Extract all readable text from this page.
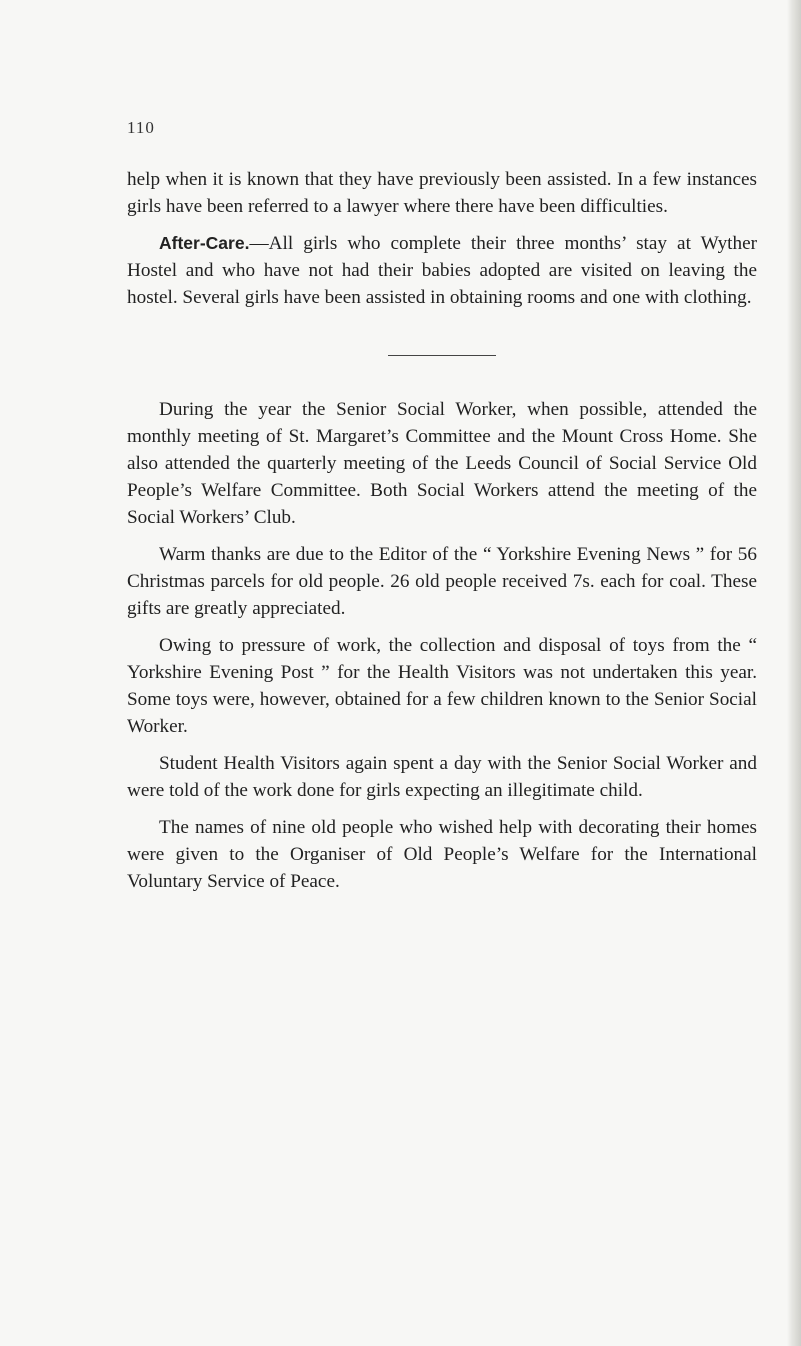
110

help when it is known that they have previously been assisted. In a few instances girls have been referred to a lawyer where there have been difficulties.

After-Care.—All girls who complete their three months’ stay at Wyther Hostel and who have not had their babies adopted are visited on leaving the hostel. Several girls have been assisted in obtaining rooms and one with clothing.

During the year the Senior Social Worker, when possible, attended the monthly meeting of St. Margaret’s Committee and the Mount Cross Home. She also attended the quarterly meeting of the Leeds Council of Social Service Old People’s Welfare Committee. Both Social Workers attend the meeting of the Social Workers’ Club.

Warm thanks are due to the Editor of the “ Yorkshire Evening News ” for 56 Christmas parcels for old people. 26 old people received 7s. each for coal. These gifts are greatly appreciated.

Owing to pressure of work, the collection and disposal of toys from the “ Yorkshire Evening Post ” for the Health Visitors was not undertaken this year. Some toys were, however, obtained for a few children known to the Senior Social Worker.

Student Health Visitors again spent a day with the Senior Social Worker and were told of the work done for girls expecting an illegitimate child.

The names of nine old people who wished help with decorating their homes were given to the Organiser of Old People’s Welfare for the International Voluntary Service of Peace.
